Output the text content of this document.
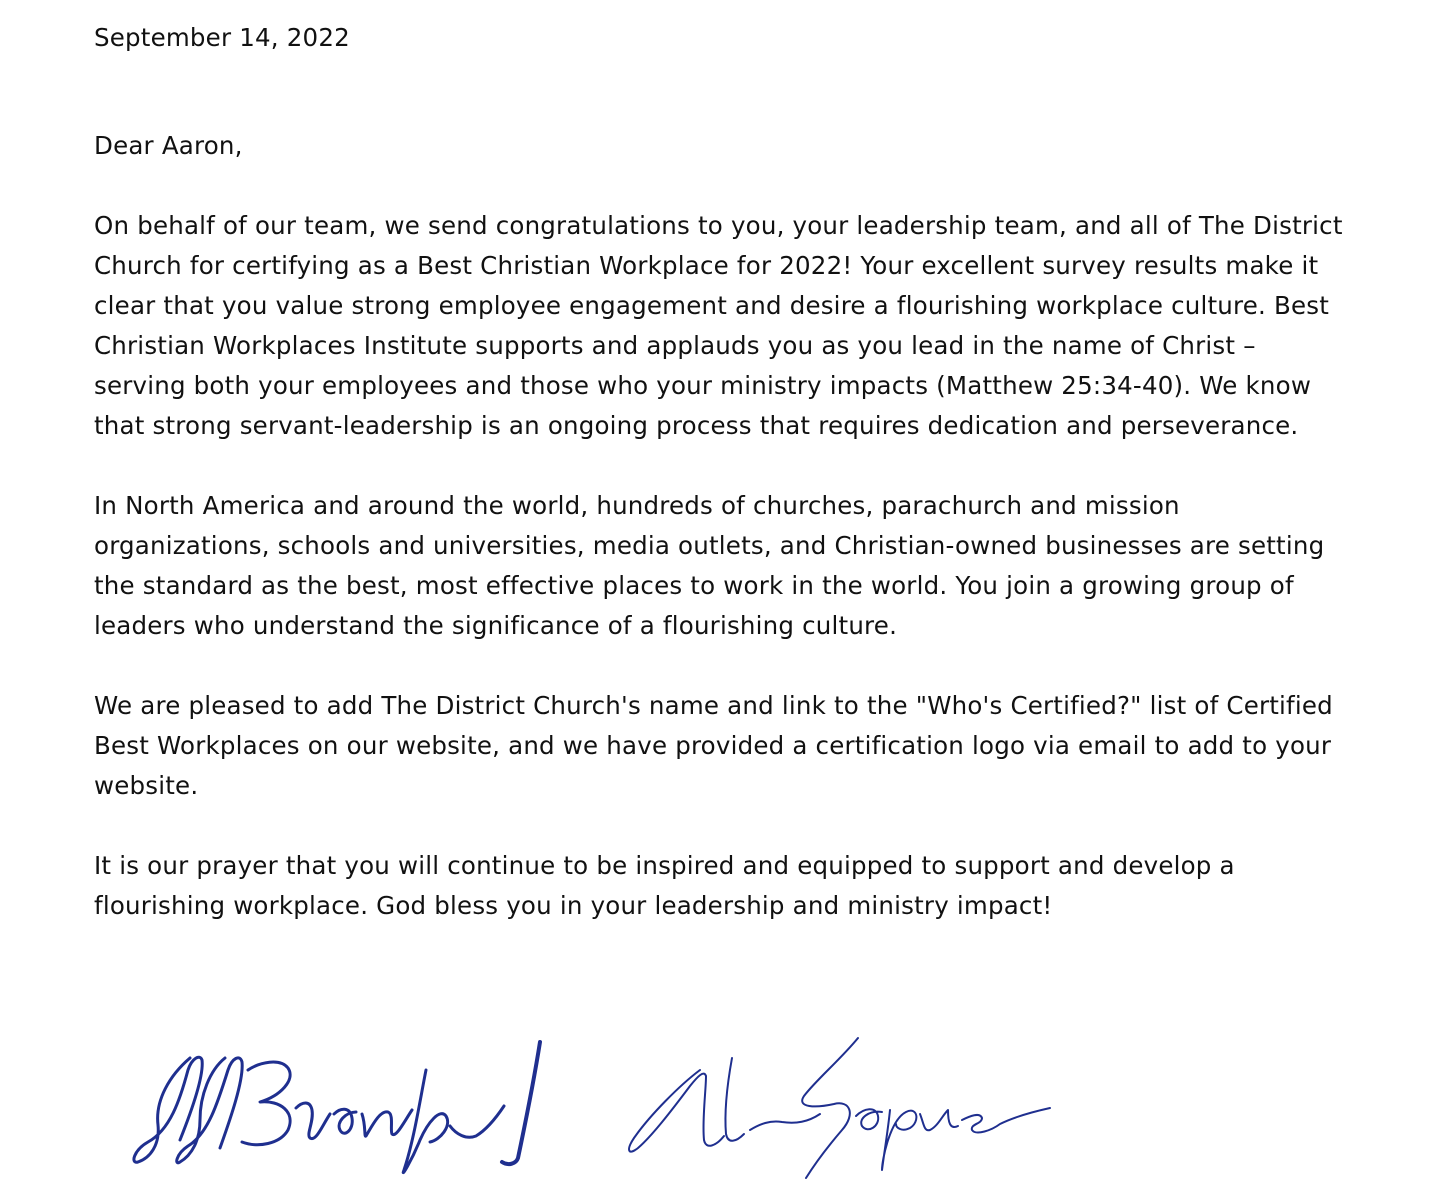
September 14, 2022

Dear Aaron,

On behalf of our team, we send congratulations to you, your leadership team, and all of The District Church for certifying as a Best Christian Workplace for 2022! Your excellent survey results make it clear that you value strong employee engagement and desire a flourishing workplace culture. Best Christian Workplaces Institute supports and applauds you as you lead in the name of Christ – serving both your employees and those who your ministry impacts (Matthew 25:34-40). We know that strong servant-leadership is an ongoing process that requires dedication and perseverance.

In North America and around the world, hundreds of churches, parachurch and mission organizations, schools and universities, media outlets, and Christian-owned businesses are setting the standard as the best, most effective places to work in the world. You join a growing group of leaders who understand the significance of a flourishing culture.

We are pleased to add The District Church's name and link to the "Who's Certified?" list of Certified Best Workplaces on our website, and we have provided a certification logo via email to add to your website.

It is our prayer that you will continue to be inspired and equipped to support and develop a flourishing workplace. God bless you in your leadership and ministry impact!
